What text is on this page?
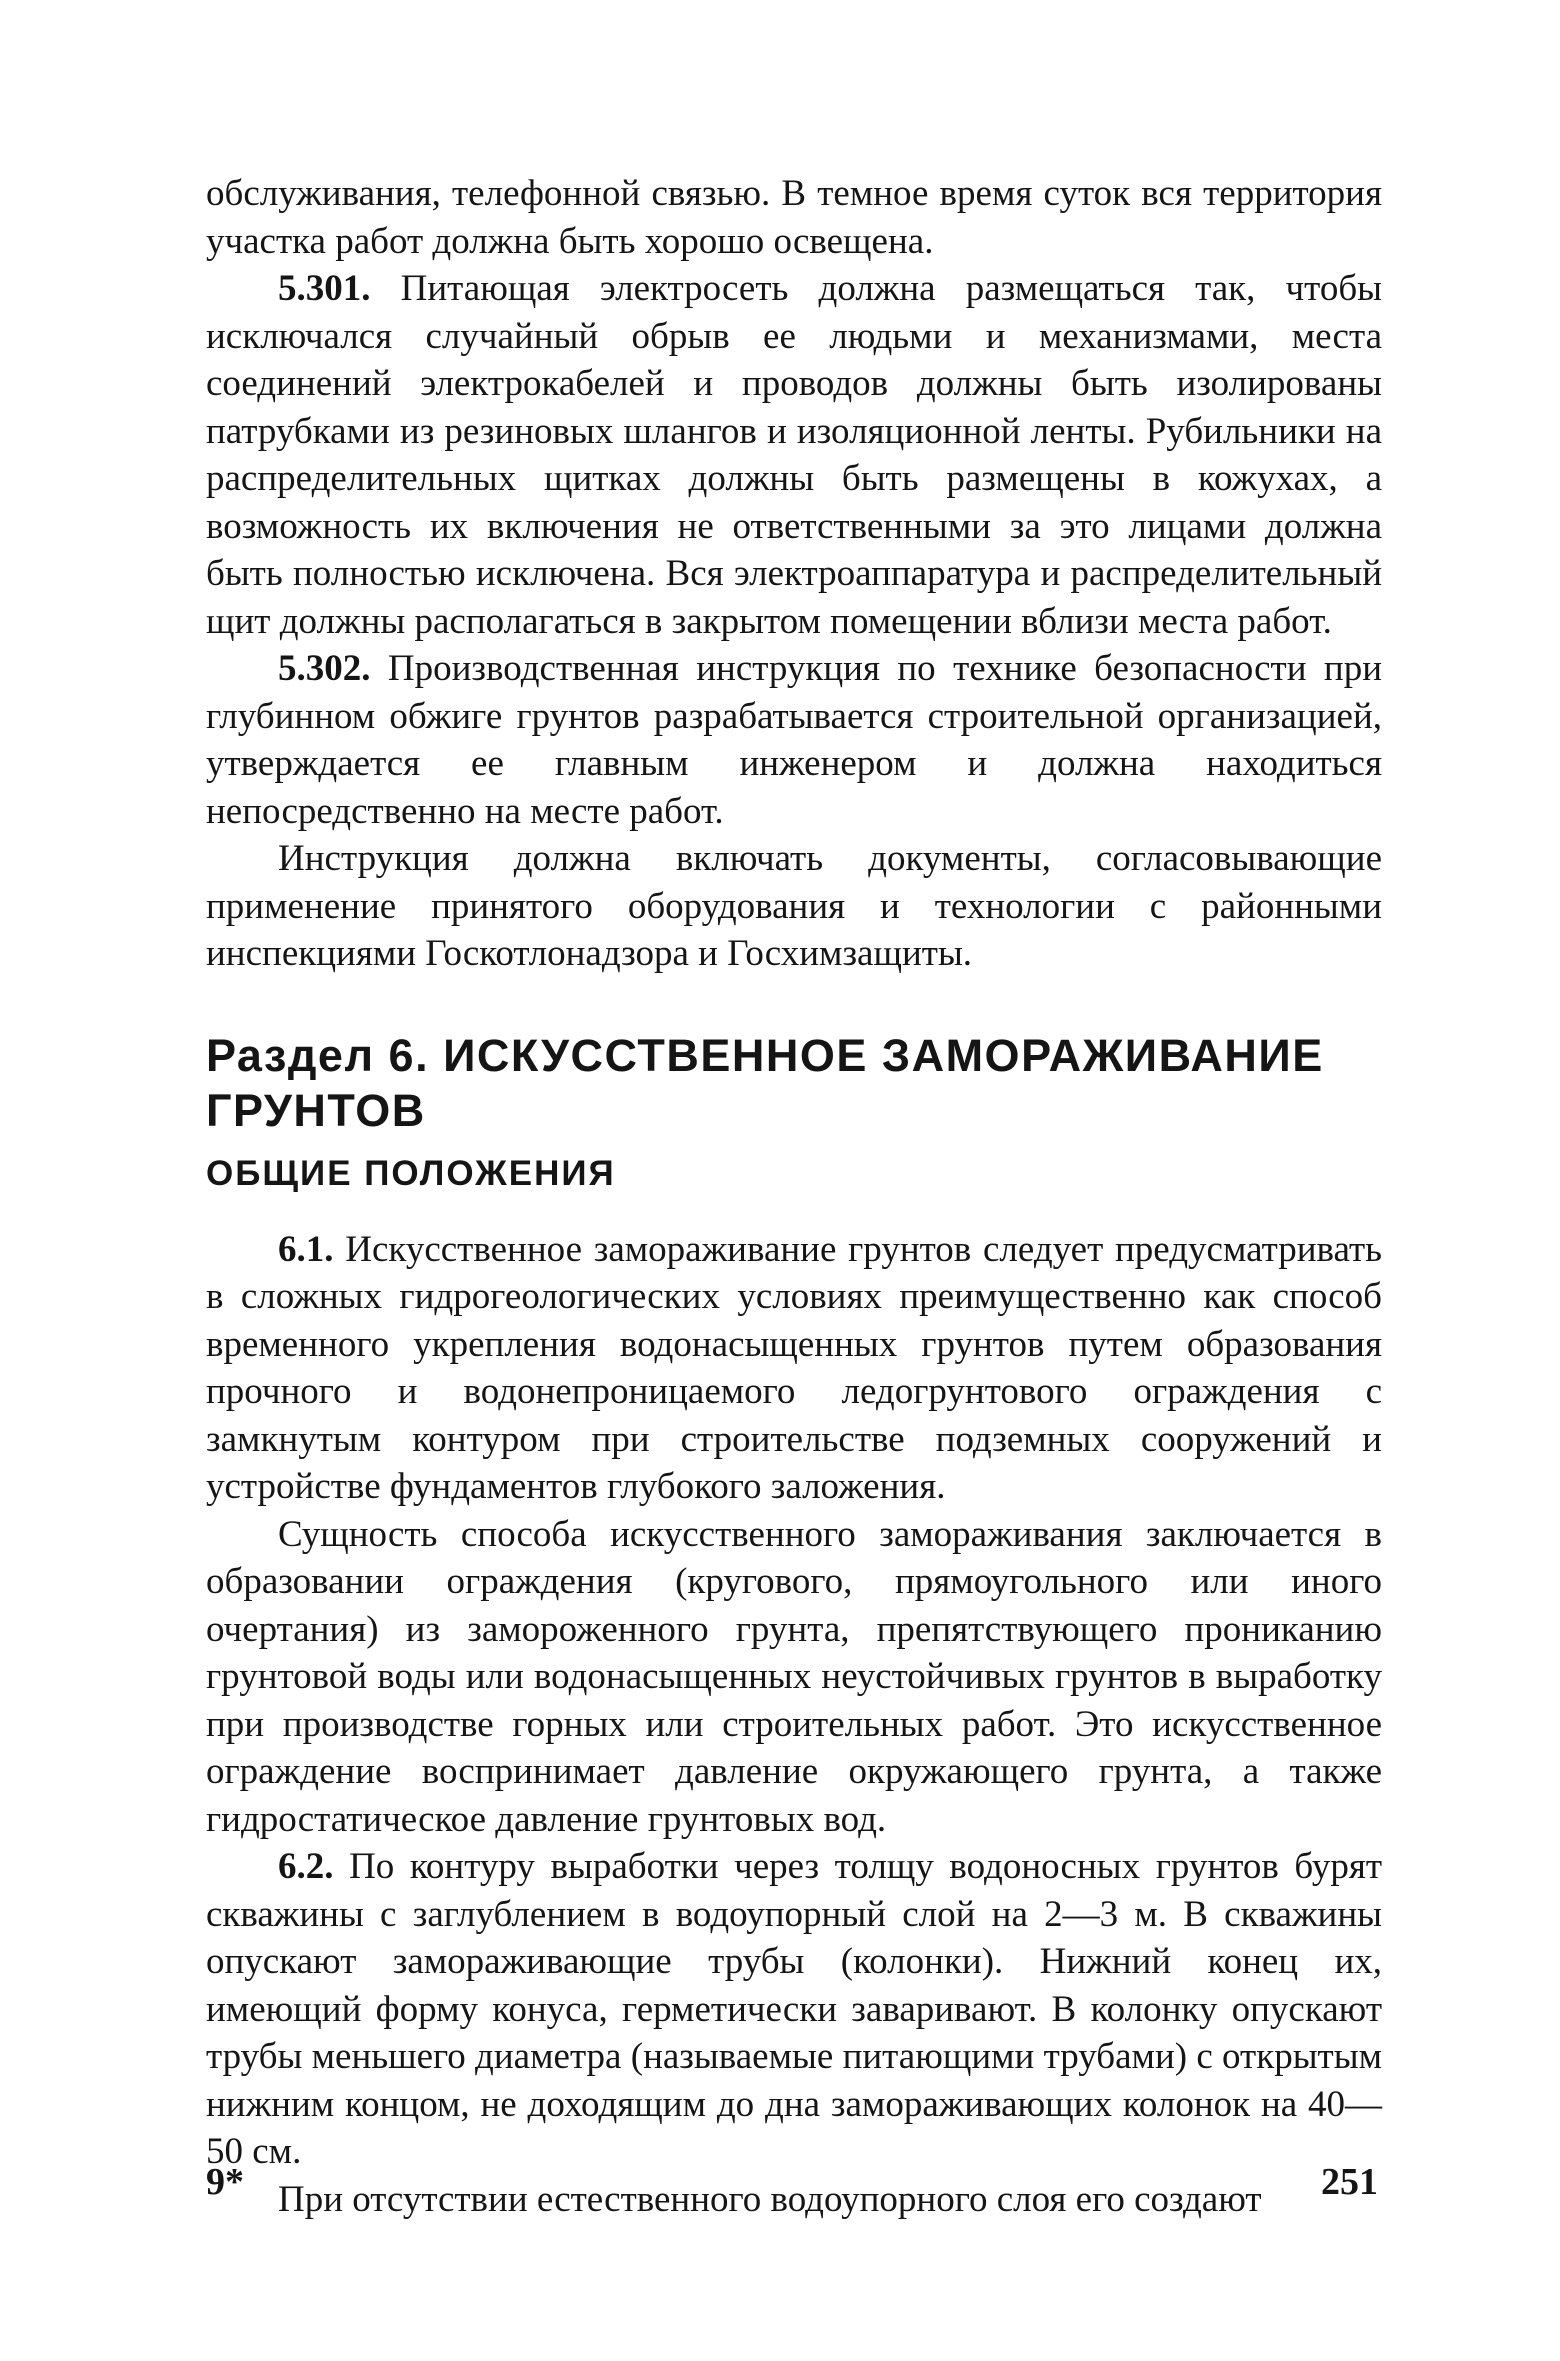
обслуживания, телефонной связью. В темное время суток вся территория участка работ должна быть хорошо освещена.

5.301. Питающая электросеть должна размещаться так, чтобы исключался случайный обрыв ее людьми и механизмами, места соединений электрокабелей и проводов должны быть изолированы патрубками из резиновых шлангов и изоляционной ленты. Рубильники на распределительных щитках должны быть размещены в кожухах, а возможность их включения не ответственными за это лицами должна быть полностью исключена. Вся электроаппаратура и распределительный щит должны располагаться в закрытом помещении вблизи места работ.

5.302. Производственная инструкция по технике безопасности при глубинном обжиге грунтов разрабатывается строительной организацией, утверждается ее главным инженером и должна находиться непосредственно на месте работ.

Инструкция должна включать документы, согласовывающие применение принятого оборудования и технологии с районными инспекциями Госкотлонадзора и Госхимзащиты.

Раздел 6. ИСКУССТВЕННОЕ ЗАМОРАЖИВАНИЕ
ГРУНТОВ
ОБЩИЕ ПОЛОЖЕНИЯ

6.1. Искусственное замораживание грунтов следует предусматривать в сложных гидрогеологических условиях преимущественно как способ временного укрепления водонасыщенных грунтов путем образования прочного и водонепроницаемого ледогрунтового ограждения с замкнутым контуром при строительстве подземных сооружений и устройстве фундаментов глубокого заложения.

Сущность способа искусственного замораживания заключается в образовании ограждения (кругового, прямоугольного или иного очертания) из замороженного грунта, препятствующего прониканию грунтовой воды или водонасыщенных неустойчивых грунтов в выработку при производстве горных или строительных работ. Это искусственное ограждение воспринимает давление окружающего грунта, а также гидростатическое давление грунтовых вод.

6.2. По контуру выработки через толщу водоносных грунтов бурят скважины с заглублением в водоупорный слой на 2—3 м. В скважины опускают замораживающие трубы (колонки). Нижний конец их, имеющий форму конуса, герметически заваривают. В колонку опускают трубы меньшего диаметра (называемые питающими трубами) с открытым нижним концом, не доходящим до дна замораживающих колонок на 40—50 см.

При отсутствии естественного водоупорного слоя его создают

9*	251
